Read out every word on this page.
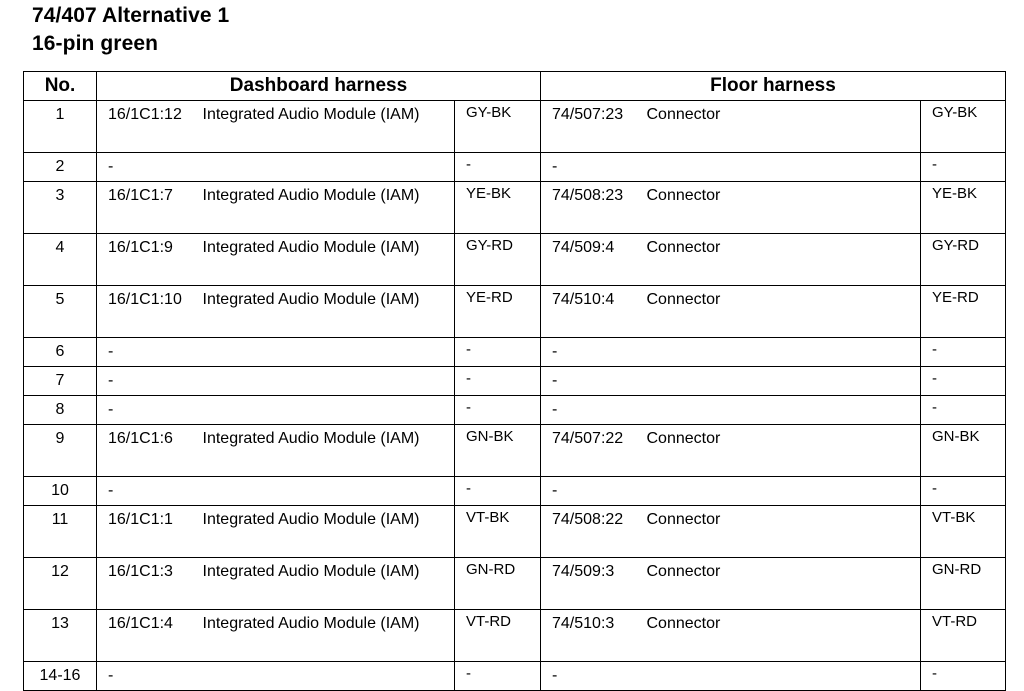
74/407 Alternative 1
16-pin green
No.	Dashboard harness			Floor harness		
1	16/1C1:12	Integrated Audio Module (IAM)	GY-BK	74/507:23	Connector	GY-BK
2	-		-	-		-
3	16/1C1:7	Integrated Audio Module (IAM)	YE-BK	74/508:23	Connector	YE-BK
4	16/1C1:9	Integrated Audio Module (IAM)	GY-RD	74/509:4	Connector	GY-RD
5	16/1C1:10	Integrated Audio Module (IAM)	YE-RD	74/510:4	Connector	YE-RD
6	-		-	-		-
7	-		-	-		-
8	-		-	-		-
9	16/1C1:6	Integrated Audio Module (IAM)	GN-BK	74/507:22	Connector	GN-BK
10	-		-	-		-
11	16/1C1:1	Integrated Audio Module (IAM)	VT-BK	74/508:22	Connector	VT-BK
12	16/1C1:3	Integrated Audio Module (IAM)	GN-RD	74/509:3	Connector	GN-RD
13	16/1C1:4	Integrated Audio Module (IAM)	VT-RD	74/510:3	Connector	VT-RD
14-16	-		-	-		-
